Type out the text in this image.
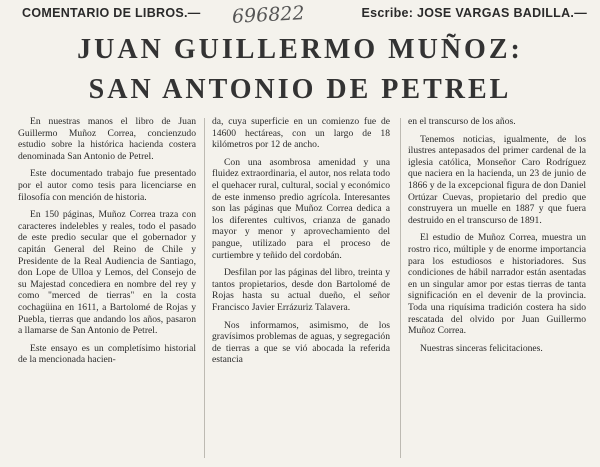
COMENTARIO DE LIBROS.—	Escribe: JOSE VARGAS BADILLA.—
696822
JUAN GUILLERMO MUÑOZ:
SAN ANTONIO DE PETREL

En nuestras manos el libro de Juan Guillermo Muñoz Correa, concienzudo estudio sobre la histórica hacienda costera denominada San Antonio de Petrel.

Este documentado trabajo fue presentado por el autor como tesis para licenciarse en filosofía con mención de historia.

En 150 páginas, Muñoz Correa traza con caracteres indelebles y reales, todo el pasado de este predio secular que el gobernador y capitán General del Reino de Chile y Presidente de la Real Audiencia de Santiago, don Lope de Ulloa y Lemos, del Consejo de su Majestad concediera en nombre del rey y como "merced de tierras" en la costa cochagüina en 1611, a Bartolomé de Rojas y Puebla, tierras que andando los años, pasaron a llamarse de San Antonio de Petrel.

Este ensayo es un completísimo historial de la mencionada hacien-

da, cuya superficie en un comienzo fue de 14600 hectáreas, con un largo de 18 kilómetros por 12 de ancho.

Con una asombrosa amenidad y una fluidez extraordinaria, el autor, nos relata todo el quehacer rural, cultural, social y económico de este inmenso predio agrícola. Interesantes son las páginas que Muñoz Correa dedica a los diferentes cultivos, crianza de ganado mayor y menor y aprovechamiento del pangue, utilizado para el proceso de curtiembre y teñido del cordobán.

Desfilan por las páginas del libro, treinta y tantos propietarios, desde don Bartolomé de Rojas hasta su actual dueño, el señor Francisco Javier Errázuriz Talavera.

Nos informamos, asimismo, de los gravísimos problemas de aguas, y segregación de tierras a que se vió abocada la referida estancia

en el transcurso de los años.

Tenemos noticias, igualmente, de los ilustres antepasados del primer cardenal de la iglesia católica, Monseñor Caro Rodríguez que naciera en la hacienda, un 23 de junio de 1866 y de la excepcional figura de don Daniel Ortúzar Cuevas, propietario del predio que construyera un muelle en 1887 y que fuera destruido en el transcurso de 1891.

El estudio de Muñoz Correa, muestra un rostro rico, múltiple y de enorme importancia para los estudiosos e historiadores. Sus condiciones de hábil narrador están asentadas en un singular amor por estas tierras de tanta significación en el devenir de la provincia. Toda una riquísima tradición costera ha sido rescatada del olvido por Juan Guillermo Muñoz Correa.

Nuestras sinceras felicitaciones.
